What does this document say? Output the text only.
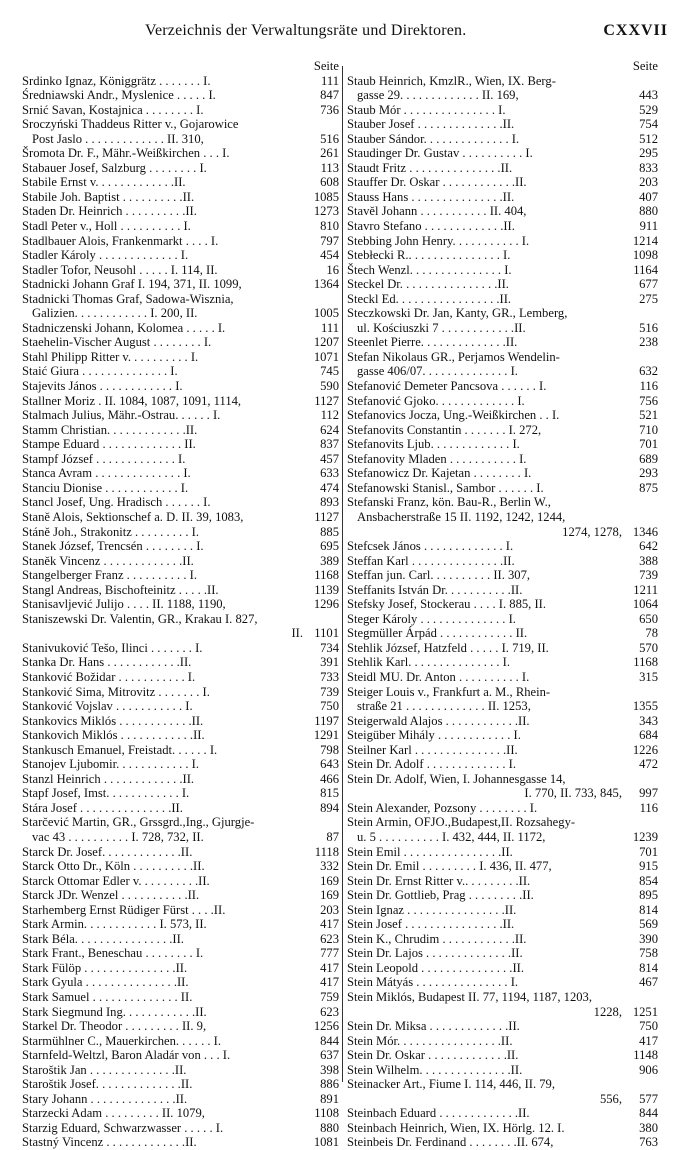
Verzeichnis der Verwaltungsräte und Direktoren.	CXXVII
Seite
Srdinko Ignaz, Königgrätz . . . . . . . I.	111
Średniawski Andr., Myslenice . . . . . I.	847
Srnić Savan, Kostajnica . . . . . . . . I.	736
Sroczyński Thaddeus Ritter v., Gojarowice
Post Jaslo . . . . . . . . . . . . . II. 310,	516
Šromota Dr. F., Mähr.-Weißkirchen . . . I.	261
Stabauer Josef, Salzburg . . . . . . . . I.	113
Stabile Ernst v. . . . . . . . . . . . .II.	608
Stabile Joh. Baptist . . . . . . . . . .II.	1085
Staden Dr. Heinrich . . . . . . . . . .II.	1273
Stadl Peter v., Holl . . . . . . . . . . I.	810
Stadlbauer Alois, Frankenmarkt . . . . I.	797
Stadler Károly . . . . . . . . . . . . . I.	454
Stadler Tofor, Neusohl . . . . . I. 114, II.	16
Stadnicki Johann Graf I. 194, 371, II. 1099,	1364
Stadnicki Thomas Graf, Sadowa-Wisznia,
Galizien. . . . . . . . . . . . I. 200, II.	1005
Stadniczenski Johann, Kolomea . . . . . I.	111
Staehelin-Vischer August . . . . . . . . I.	1207
Stahl Philipp Ritter v. . . . . . . . . . I.	1071
Staić Giura . . . . . . . . . . . . . . I.	745
Stajevits János . . . . . . . . . . . . I.	590
Stallner Moriz . II. 1084, 1087, 1091, 1114,	1127
Stalmach Julius, Mähr.-Ostrau. . . . . . I.	112
Stamm Christian. . . . . . . . . . . . .II.	624
Stampe Eduard . . . . . . . . . . . . . II.	837
Stampf József . . . . . . . . . . . . . I.	457
Stanca Avram . . . . . . . . . . . . . . I.	633
Stanciu Dionise . . . . . . . . . . . . I.	474
Stancl Josef, Ung. Hradisch . . . . . . I.	893
Staně Alois, Sektionschef a. D. II. 39, 1083,	1127
Stáně Joh., Strakonitz . . . . . . . . . I.	885
Stanek József, Trencsén . . . . . . . . I.	695
Staněk Vincenz . . . . . . . . . . . . .II.	389
Stangelberger Franz . . . . . . . . . . I.	1168
Stangl Andreas, Bischofteinitz . . . . .II.	1139
Stanisavljević Julijo . . . . II. 1188, 1190,	1296
Staniszewski Dr. Valentin, GR., Krakau I. 827,
II. 1101
Stanivuković Tešo, Ilinci . . . . . . . I.	734
Stanka Dr. Hans . . . . . . . . . . . .II.	391
Stanković Božidar . . . . . . . . . . . I.	733
Stanković Sima, Mitrovitz . . . . . . . I.	739
Stanković Vojslav . . . . . . . . . . . I.	750
Stankovics Miklós . . . . . . . . . . . .II.	1197
Stankovich Miklós . . . . . . . . . . . .II.	1291
Stankusch Emanuel, Freistadt. . . . . . I.	798
Stanojev Ljubomir. . . . . . . . . . . . I.	643
Stanzl Heinrich . . . . . . . . . . . . .II.	466
Stapf Josef, Imst. . . . . . . . . . . . I.	815
Stára Josef . . . . . . . . . . . . . . .II.	894
Starčević Martin, GR., Grssgrd.,Ing., Gjurgje-
vac 43 . . . . . . . . . . I. 728, 732, II.	87
Starck Dr. Josef. . . . . . . . . . . . .II.	1118
Starck Otto Dr., Köln . . . . . . . . . .II.	332
Starck Ottomar Edler v. . . . . . . . . .II.	169
Starck JDr. Wenzel . . . . . . . . . . .II.	169
Starhemberg Ernst Rüdiger Fürst . . . .II.	203
Stark Armin. . . . . . . . . . . . I. 573, II.	417
Stark Béla. . . . . . . . . . . . . . . .II.	623
Stark Frant., Beneschau . . . . . . . . I.	777
Stark Fülöp . . . . . . . . . . . . . . .II.	417
Stark Gyula . . . . . . . . . . . . . . .II.	417
Stark Samuel . . . . . . . . . . . . . . II.	759
Stark Siegmund Ing. . . . . . . . . . . .II.	623
Starkel Dr. Theodor . . . . . . . . . II. 9,	1256
Starmühlner C., Mauerkirchen. . . . . . I.	844
Starnfeld-Weltzl, Baron Aladár von . . . I.	637
Staroštik Jan . . . . . . . . . . . . . .II.	398
Staroštik Josef. . . . . . . . . . . . . .II.	886
Stary Johann . . . . . . . . . . . . . .II.	891
Starzecki Adam . . . . . . . . . II. 1079,	1108
Starzig Eduard, Schwarzwasser . . . . . I.	880
Stastný Vincenz . . . . . . . . . . . . .II.	1081
Seite
Staub Heinrich, KmzlR., Wien, IX. Berg-
gasse 29. . . . . . . . . . . . . II. 169,	443
Staub Mór . . . . . . . . . . . . . . . I.	529
Stauber Josef . . . . . . . . . . . . . .II.	754
Stauber Sándor. . . . . . . . . . . . . . I.	512
Staudinger Dr. Gustav . . . . . . . . . . I.	295
Staudt Fritz . . . . . . . . . . . . . . .II.	833
Stauffer Dr. Oskar . . . . . . . . . . . .II.	203
Stauss Hans . . . . . . . . . . . . . . .II.	407
Stavěl Johann . . . . . . . . . . . II. 404,	880
Stavro Stefano . . . . . . . . . . . . .II.	911
Stebbing John Henry. . . . . . . . . . . I.	1214
Stebłecki R.. . . . . . . . . . . . . . . I.	1098
Štech Wenzl. . . . . . . . . . . . . . . I.	1164
Steckel Dr. . . . . . . . . . . . . . . .II.	677
Steckl Ed. . . . . . . . . . . . . . . . .II.	275
Steczkowski Dr. Jan, Kanty, GR., Lemberg,
ul. Kościuszki 7 . . . . . . . . . . . .II.	516
Steenlet Pierre. . . . . . . . . . . . . .II.	238
Stefan Nikolaus GR., Perjamos Wendelin-
gasse 406/07. . . . . . . . . . . . . . I.	632
Stefanović Demeter Pancsova . . . . . . I.	116
Stefanović Gjoko. . . . . . . . . . . . . I.	756
Stefanovics Jocza, Ung.-Weißkirchen . . I.	521
Stefanovits Constantin . . . . . . . I. 272,	710
Stefanovits Ljub. . . . . . . . . . . . . I.	701
Stefanovity Mladen . . . . . . . . . . . I.	689
Stefanowicz Dr. Kajetan . . . . . . . . I.	293
Stefanowski Stanisl., Sambor . . . . . . I.	875
Stefanski Franz, kön. Bau-R., Berlin W.,
Ansbacherstraße 15 II. 1192, 1242, 1244,
1274, 1278, 1346
Stefcsek János . . . . . . . . . . . . . I.	642
Steffan Karl . . . . . . . . . . . . . . .II.	388
Steffan jun. Carl. . . . . . . . . . II. 307,	739
Steffanits István Dr. . . . . . . . . . .II.	1211
Stefsky Josef, Stockerau . . . . I. 885, II.	1064
Steger Károly . . . . . . . . . . . . . . I.	650
Stegmüller Árpád . . . . . . . . . . . . II.	78
Stehlik József, Hatzfeld . . . . . I. 719, II.	570
Stehlik Karl. . . . . . . . . . . . . . . I.	1168
Steidl MU. Dr. Anton . . . . . . . . . . I.	315
Steiger Louis v., Frankfurt a. M., Rhein-
straße 21 . . . . . . . . . . . . . II. 1253,	1355
Steigerwald Alajos . . . . . . . . . . . .II.	343
Steigüber Mihály . . . . . . . . . . . . I.	684
Steilner Karl . . . . . . . . . . . . . . .II.	1226
Stein Dr. Adolf . . . . . . . . . . . . . I.	472
Stein Dr. Adolf, Wien, I. Johannesgasse 14,
I. 770, II. 733, 845,	997
Stein Alexander, Pozsony . . . . . . . . I.	116
Stein Armin, OFJO.,Budapest,II. Rozsahegy-
u. 5 . . . . . . . . . . I. 432, 444, II. 1172,	1239
Stein Emil . . . . . . . . . . . . . . . .II.	701
Stein Dr. Emil . . . . . . . . . I. 436, II. 477,	915
Stein Dr. Ernst Ritter v.. . . . . . . . .II.	854
Stein Dr. Gottlieb, Prag . . . . . . . . .II.	895
Stein Ignaz . . . . . . . . . . . . . . . .II.	814
Stein Josef . . . . . . . . . . . . . . . .II.	569
Stein K., Chrudim . . . . . . . . . . . .II.	390
Stein Dr. Lajos . . . . . . . . . . . . . .II.	758
Stein Leopold . . . . . . . . . . . . . . .II.	814
Stein Mátyás . . . . . . . . . . . . . . . I.	467
Stein Miklós, Budapest II. 77, 1194, 1187, 1203,
1228, 1251
Stein Dr. Miksa . . . . . . . . . . . . .II.	750
Stein Mór. . . . . . . . . . . . . . . . .II.	417
Stein Dr. Oskar . . . . . . . . . . . . .II.	1148
Stein Wilhelm. . . . . . . . . . . . . . .II.	906
Steinacker Art., Fiume I. 114, 446, II. 79,
556,	577
Steinbach Eduard . . . . . . . . . . . . .II.	844
Steinbach Heinrich, Wien, IX. Hörlg. 12. I.	380
Steinbeis Dr. Ferdinand . . . . . . . .II. 674,	763
